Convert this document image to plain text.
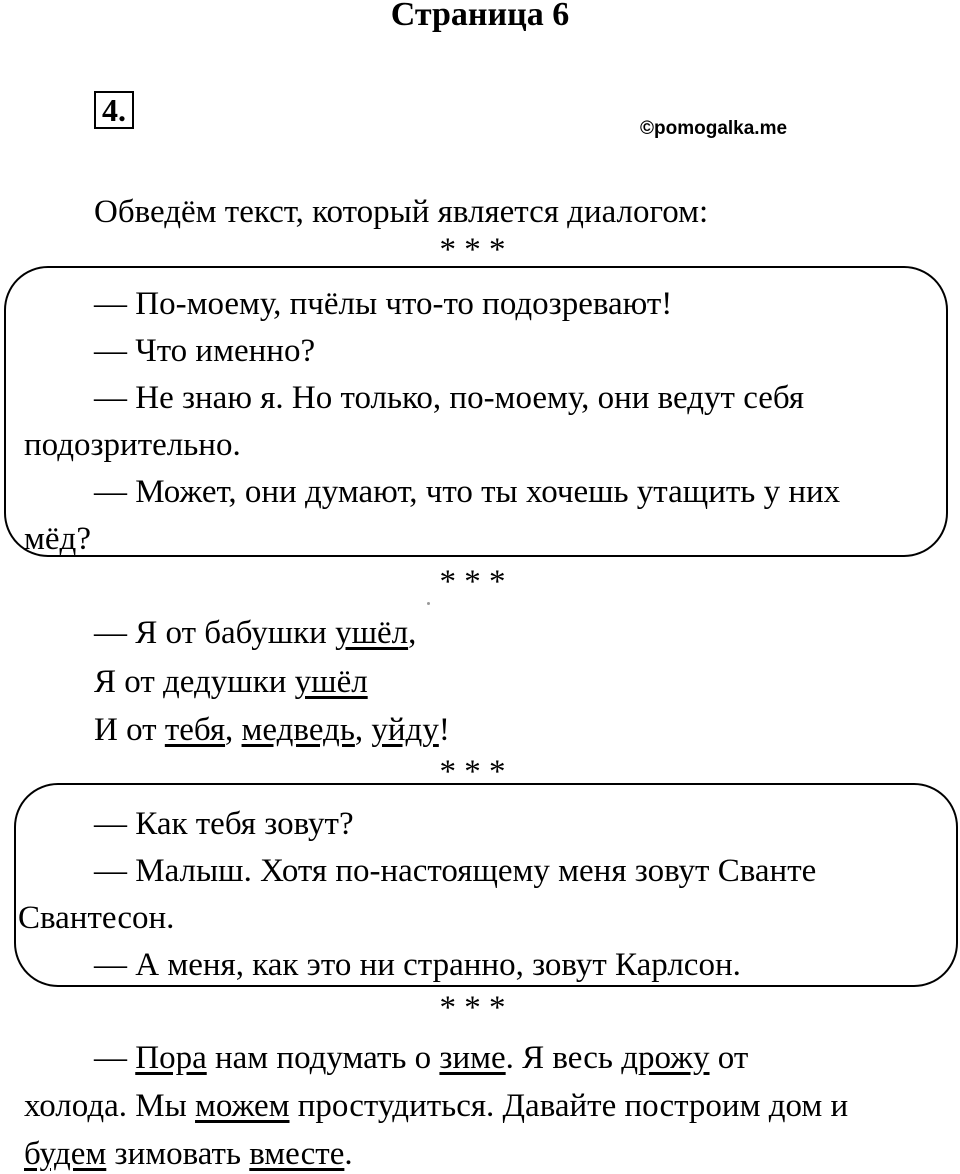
Страница 6
4.
©pomogalka.me
Обведём текст, который является диалогом:
* * *
— По-моему, пчёлы что-то подозревают!
— Что именно?
— Не знаю я. Но только, по-моему, они ведут себя
подозрительно.
— Может, они думают, что ты хочешь утащить у них
мёд?
* * *
— Я от бабушки ушёл,
Я от дедушки ушёл
И от тебя, медведь, уйду!
* * *
— Как тебя зовут?
— Малыш. Хотя по-настоящему меня зовут Сванте
Свантесон.
— А меня, как это ни странно, зовут Карлсон.
* * *
— Пора нам подумать о зиме. Я весь дрожу от
холода. Мы можем простудиться. Давайте построим дом и
будем зимовать вместе.
